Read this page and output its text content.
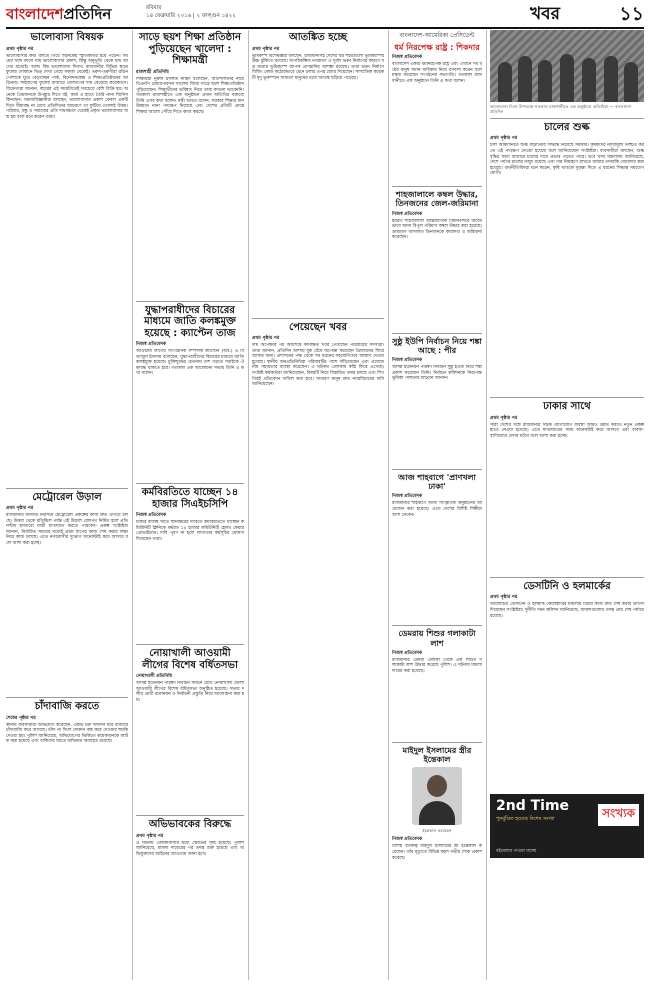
বাংলাদেশপ্রতিদিন	রবিবার
১৪ ফেব্রুয়ারি ২০১৬ | ২ ফাল্গুন ১৪২২	খবর	১১

ভালোবাসা বিষয়ক

প্রথম পৃষ্ঠার পর

ভালোবাসার কথা বলতে গিয়ে অনেকেই স্মৃতিকাতর হয়ে পড়েন। সময়ের সঙ্গে বদলে যায় ভালোবাসার প্রকাশ, কিন্তু অনুভূতি থেকে যায় আগের মতোই। আজ বিশ্ব ভালোবাসা দিবস। রাজধানীর বিভিন্ন স্থানে ফুলের দোকানে ভিড় দেখা গেছে সকাল থেকেই। তরুণ-তরুণীরা রঙিন পোশাকে ঘুরে বেড়াচ্ছেন পার্ক, বিনোদনকেন্দ্র ও শিক্ষাপ্রতিষ্ঠানের আঙিনায়। শাহবাগের ফুলের বাজারে গোলাপের দাম বেড়েছে কয়েকগুণ। বিক্রেতারা জানান, বছরের এই সময়টাতেই সবচেয়ে বেশি বিক্রি হয়। অনেকে প্রিয়জনকে উপহার দিতে বই, কার্ড ও হাতে তৈরি নানা জিনিস কিনছেন। সমাজবিজ্ঞানীরা বলছেন, ভালোবাসার প্রকাশ কেবল একটি দিনে সীমাবদ্ধ না রেখে প্রতিদিনের আচরণে তা ফুটিয়ে তোলাই উত্তম। পরিবার, বন্ধু ও সমাজের প্রতি দায়বদ্ধতা থেকেই প্রকৃত ভালোবাসার জন্ম হয় বলে মনে করেন তারা।

মেট্রোরেল উড়াল

প্রথম পৃষ্ঠার পর

রাজধানীর যানজট নিরসনে মেট্রোরেল প্রকল্পের কাজ দ্রুত এগিয়ে চলছে। উত্তরা থেকে মতিঝিল পর্যন্ত এই উড়াল রেলপথ নির্মিত হলে প্রতি ঘণ্টায় হাজারো যাত্রী যাতায়াত করতে পারবেন। প্রকল্প সংশ্লিষ্টরা জানান, নির্ধারিত সময়ের মধ্যেই প্রথম ধাপের কাজ শেষ করার লক্ষ্য নিয়ে কাজ চলছে। এতে নগরবাসীর দুর্ভোগ অনেকটাই কমে আসবে বলে আশা করা হচ্ছে।

চাঁদাবাজি করতে

শেষের পৃষ্ঠার পর

স্থানীয় ব্যবসায়ীরা অভিযোগ করেছেন, একটি চক্র দীর্ঘদিন ধরে বাজারে চাঁদাবাজি করে আসছে। চাঁদা না দিলে দোকান বন্ধ করে দেওয়ার হুমকি দেওয়া হয়। পুলিশ জানিয়েছে, অভিযোগের ভিত্তিতে কয়েকজনকে আটক করা হয়েছে এবং বাকিদের ধরতে অভিযান অব্যাহত রয়েছে।

সাড়ে ছয়শ শিক্ষা প্রতিষ্ঠান পুড়িয়েছেন খালেদা : শিক্ষামন্ত্রী

রাজশাহী প্রতিনিধি

শিক্ষামন্ত্রী নুরুল ইসলাম নাহিদ বলেছেন, আন্দোলনের নামে বিএনপি চেয়ারপারসন খালেদা জিয়া সাড়ে ছয়শ শিক্ষাপ্রতিষ্ঠান পুড়িয়েছেন। শিক্ষার্থীদের ভবিষ্যৎ নিয়ে তারা কখনো ভাবেননি। গতকাল রাজশাহীতে এক অনুষ্ঠানে প্রধান অতিথির বক্তব্যে তিনি এসব কথা বলেন। মন্ত্রী আরও বলেন, সরকার শিক্ষার মান উন্নয়নে নানা পদক্ষেপ নিয়েছে এবং দেশের প্রতিটি প্রান্তে শিক্ষার আলো পৌঁছে দিতে কাজ করছে।

যুদ্ধাপরাধীদের বিচারের মাধ্যমে জাতি কলঙ্কমুক্ত হয়েছে : ক্যাপ্টেন তাজ

নিজস্ব প্রতিবেদক

আওয়ামী লীগের সাংগঠনিক সম্পাদক ক্যাপ্টেন (অব.) এ বি তাজুল ইসলাম বলেছেন, যুদ্ধাপরাধীদের বিচারের মাধ্যমে জাতি কলঙ্কমুক্ত হয়েছে। মুক্তিযুদ্ধের চেতনায় দেশ গড়তে সবাইকে ঐক্যবদ্ধ থাকতে হবে। গতকাল এক আলোচনা সভায় তিনি এ কথা বলেন।

কর্মবিরতিতে যাচ্ছেন ১৪ হাজার সিএইচসিপি

নিজস্ব প্রতিবেদক

চাকরি রাজস্ব খাতে স্থানান্তরের দাবিতে কর্মবিরতিতে যাচ্ছেন কমিউনিটি ক্লিনিকে কর্মরত ১৪ হাজার কমিউনিটি হেলথ কেয়ার প্রোভাইডার। দাবি পূরণ না হলে লাগাতার কর্মসূচির ঘোষণা দিয়েছেন তারা।

নোয়াখালী আওয়ামী লীগের বিশেষ বর্ধিতসভা

নোয়াখালী প্রতিনিধি

আসন্ন ইউনিয়ন পরিষদ নির্বাচন সামনে রেখে নোয়াখালী জেলা আওয়ামী লীগের বিশেষ বর্ধিতসভা অনুষ্ঠিত হয়েছে। সভায় দলীয় প্রার্থী মনোনয়ন ও নির্বাচনী প্রস্তুতি নিয়ে আলোচনা করা হয়।

অভিভাবকের বিরুদ্ধে

প্রথম পৃষ্ঠার পর

এ ঘটনায় এলাকাবাসীর মধ্যে ক্ষোভের সৃষ্টি হয়েছে। পুলিশ জানিয়েছে, মামলা দায়েরের পর তদন্ত শুরু হয়েছে এবং অভিযুক্তদের আইনের আওতায় আনা হবে।

আতঙ্কিত হচ্ছে

প্রথম পৃষ্ঠার পর

ভূমিকম্প বিশেষজ্ঞরা বলছেন, রাজধানীসহ দেশের বড় শহরগুলো ভূমিকম্পের উচ্চ ঝুঁকিতে রয়েছে। অপরিকল্পিত নগরায়ণ ও দুর্বল ভবন নির্মাণের কারণে বড় মাত্রার ভূমিকম্পে ব্যাপক প্রাণহানির আশঙ্কা রয়েছে। তারা ভবন নির্মাণে বিল্ডিং কোড কঠোরভাবে মেনে চলার ওপর জোর দিয়েছেন। সাম্প্রতিক কয়েকটি মৃদু ভূকম্পনে সাধারণ মানুষের মধ্যে আতঙ্ক ছড়িয়ে পড়েছে।

পেয়েছেন খবর

প্রথম পৃষ্ঠার পর

দীর্ঘ অপেক্ষার পর অবশেষে কাঙ্ক্ষিত খবর পেয়েছেন পরিবারের সদস্যরা। তারা জানান, প্রতিদিন আশায় বুক বেঁধে অপেক্ষা করেছেন প্রিয়জনের ফিরে আসার জন্য। প্রশাসনের পক্ষ থেকে সব ধরনের সহযোগিতার আশ্বাস দেওয়া হয়েছে। স্থানীয় জনপ্রতিনিধিরা পরিবারটির পাশে দাঁড়িয়েছেন এবং প্রয়োজনীয় সহায়তার ব্যবস্থা করেছেন। এ ঘটনায় এলাকায় স্বস্তি ফিরে এসেছে। সংশ্লিষ্ট কর্মকর্তারা জানিয়েছেন, বিষয়টি নিয়ে বিস্তারিত তদন্ত চলছে এবং শিগগিরই প্রতিবেদন দাখিল করা হবে। সাধারণ মানুষ দ্রুত ন্যায়বিচারের দাবি জানিয়েছেন।

বাংলাদেশ-আমেরিকা প্রেসিডেন্ট

ধর্ম নিরপেক্ষ রাষ্ট্র : শিকদার

নিজস্ব প্রতিবেদক

বাংলাদেশ একটি ধর্মনিরপেক্ষ রাষ্ট্র এবং এখানে সব ধর্মের মানুষ সমান অধিকার নিয়ে বসবাস করেন বলে মন্তব্য করেছেন সংগঠনের সভাপতি। গতকাল রাজধানীতে এক অনুষ্ঠানে তিনি এ কথা বলেন।

শাহজালালে কম্বল উদ্ধার, তিনজনের জেল-জরিমানা

নিজস্ব প্রতিবেদক

হযরত শাহজালাল আন্তর্জাতিক বিমানবন্দরে অবৈধভাবে আনা বিপুল পরিমাণ কম্বল উদ্ধার করা হয়েছে। ভ্রাম্যমাণ আদালত তিনজনকে কারাদণ্ড ও জরিমানা করেছেন।

সুষ্ঠু ইউপি নির্বাচন নিয়ে শঙ্কা আছে : পীর

নিজস্ব প্রতিবেদক

আসন্ন ইউনিয়ন পরিষদ নির্বাচন সুষ্ঠু হওয়া নিয়ে শঙ্কা প্রকাশ করেছেন তিনি। নির্বাচন কমিশনকে নিরপেক্ষ ভূমিকা পালনের আহ্বান জানান।

আজ শাহবাগে 'প্রাণখলা ঢাকা'

নিজস্ব প্রতিবেদক

রাজধানীর শাহবাগে আজ সাংস্কৃতিক অনুষ্ঠানের আয়োজন করা হয়েছে। এতে দেশের বিশিষ্ট শিল্পীরা অংশ নেবেন।

ডেমরায় শিশুর গলাকাটা লাশ

নিজস্ব প্রতিবেদক

রাজধানীর ডেমরা এলাকা থেকে এক শিশুর গলাকাটা লাশ উদ্ধার করেছে পুলিশ। এ ঘটনায় মামলা দায়ের করা হয়েছে।

মাইদুল ইসলামের স্ত্রীর ইন্তেকাল

ইন্তেকাল করেছেন

নিজস্ব প্রতিবেদক

বিশিষ্ট ব্যক্তিত্ব মাইদুল ইসলামের স্ত্রী ইন্তেকাল করেছেন। তাঁর মৃত্যুতে বিভিন্ন মহল গভীর শোক প্রকাশ করেছে।

ভালোবাসা দিবস উপলক্ষে গতকাল রাজধানীতে এক অনুষ্ঠানে অতিথিরা — বাংলাদেশ প্রতিদিন

চালের শুল্ক

প্রথম পৃষ্ঠার পর

চাল আমদানিতে শুল্ক বাড়ানোর সিদ্ধান্ত নিয়েছে সরকার। কৃষকদের ন্যায্যমূল্য নিশ্চিত করতে এই পদক্ষেপ নেওয়া হয়েছে বলে জানিয়েছেন সংশ্লিষ্টরা। ব্যবসায়ীরা বলছেন, শুল্ক বৃদ্ধির ফলে বাজারে চালের দামে প্রভাব পড়তে পারে। তবে খাদ্য মন্ত্রণালয় জানিয়েছে, দেশে পর্যাপ্ত চালের মজুদ রয়েছে এবং দাম নিয়ন্ত্রণে রাখতে বাজার তদারকি জোরদার করা হয়েছে। অর্থনীতিবিদরা মনে করেন, কৃষি খাতকে সুরক্ষা দিতে এ ধরনের সিদ্ধান্ত সময়োপযোগী।

ঢাকার সাথে

প্রথম পৃষ্ঠার পর

সারা দেশের সঙ্গে রাজধানীর সড়ক যোগাযোগ ব্যবস্থা আরও উন্নত করতে নতুন প্রকল্প হাতে নেওয়া হয়েছে। এতে যাতায়াতের সময় অনেকটাই কমে আসবে এবং ব্যবসা-বাণিজ্যের প্রসার ঘটবে বলে আশা করা হচ্ছে।

ডেসটিনি ও হলমার্কের

প্রথম পৃষ্ঠার পর

আলোচিত ডেসটিনি ও হলমার্ক কেলেঙ্কারির মামলার বিচার কাজ দ্রুত শেষ করার তাগিদ দিয়েছেন সংশ্লিষ্টরা। দুর্নীতি দমন কমিশন জানিয়েছে, মামলাগুলোর তদন্ত প্রায় শেষ পর্যায়ে রয়েছে।

2nd Time
পুনর্মুদ্রিত হয়েছে বিশেষ সংখ্যা	সংখ্যক
বইমেলায় পাওয়া যাচ্ছে
